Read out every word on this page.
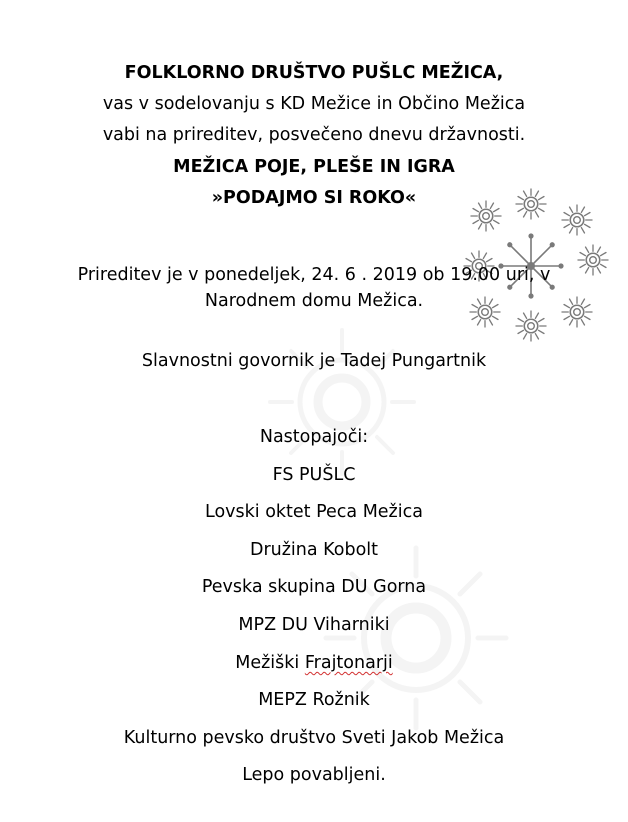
FOLKLORNO DRUŠTVO PUŠLC MEŽICA,
vas v sodelovanju s KD Mežice in Občino Mežica
vabi na prireditev, posvečeno dnevu državnosti.
MEŽICA POJE, PLEŠE IN IGRA
»PODAJMO SI ROKO«
Prireditev je v ponedeljek, 24. 6 . 2019 ob 19.00 uri, v
Narodnem domu Mežica.
Slavnostni govornik je Tadej Pungartnik
Nastopajoči:
FS PUŠLC
Lovski oktet Peca Mežica
Družina Kobolt
Pevska skupina DU Gorna
MPZ DU Viharniki
Mežiški Frajtonarji
MEPZ Rožnik
Kulturno pevsko društvo Sveti Jakob Mežica
Lepo povabljeni.
